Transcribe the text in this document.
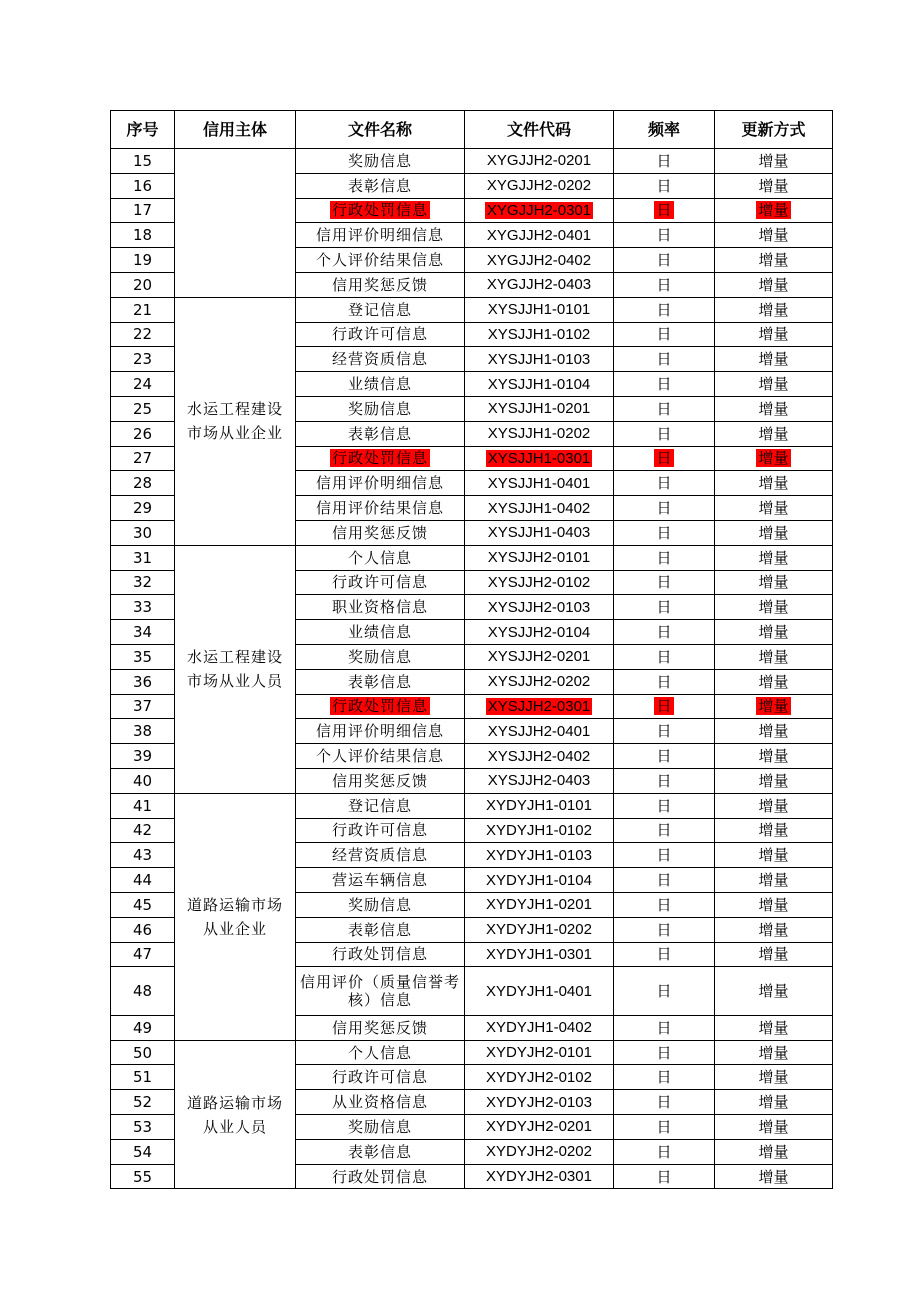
序号	信用主体	文件名称	文件代码	频率	更新方式
15		奖励信息	XYGJJH2-0201	日	增量
16		表彰信息	XYGJJH2-0202	日	增量
17		行政处罚信息	XYGJJH2-0301	日	增量
18		信用评价明细信息	XYGJJH2-0401	日	增量
19		个人评价结果信息	XYGJJH2-0402	日	增量
20		信用奖惩反馈	XYGJJH2-0403	日	增量
21	水运工程建设市场从业企业	登记信息	XYSJJH1-0101	日	增量
22		行政许可信息	XYSJJH1-0102	日	增量
23		经营资质信息	XYSJJH1-0103	日	增量
24		业绩信息	XYSJJH1-0104	日	增量
25		奖励信息	XYSJJH1-0201	日	增量
26		表彰信息	XYSJJH1-0202	日	增量
27		行政处罚信息	XYSJJH1-0301	日	增量
28		信用评价明细信息	XYSJJH1-0401	日	增量
29		信用评价结果信息	XYSJJH1-0402	日	增量
30		信用奖惩反馈	XYSJJH1-0403	日	增量
31	水运工程建设市场从业人员	个人信息	XYSJJH2-0101	日	增量
32		行政许可信息	XYSJJH2-0102	日	增量
33		职业资格信息	XYSJJH2-0103	日	增量
34		业绩信息	XYSJJH2-0104	日	增量
35		奖励信息	XYSJJH2-0201	日	增量
36		表彰信息	XYSJJH2-0202	日	增量
37		行政处罚信息	XYSJJH2-0301	日	增量
38		信用评价明细信息	XYSJJH2-0401	日	增量
39		个人评价结果信息	XYSJJH2-0402	日	增量
40		信用奖惩反馈	XYSJJH2-0403	日	增量
41	道路运输市场从业企业	登记信息	XYDYJH1-0101	日	增量
42		行政许可信息	XYDYJH1-0102	日	增量
43		经营资质信息	XYDYJH1-0103	日	增量
44		营运车辆信息	XYDYJH1-0104	日	增量
45		奖励信息	XYDYJH1-0201	日	增量
46		表彰信息	XYDYJH1-0202	日	增量
47		行政处罚信息	XYDYJH1-0301	日	增量
48		信用评价（质量信誉考核）信息	XYDYJH1-0401	日	增量
49		信用奖惩反馈	XYDYJH1-0402	日	增量
50	道路运输市场从业人员	个人信息	XYDYJH2-0101	日	增量
51		行政许可信息	XYDYJH2-0102	日	增量
52		从业资格信息	XYDYJH2-0103	日	增量
53		奖励信息	XYDYJH2-0201	日	增量
54		表彰信息	XYDYJH2-0202	日	增量
55		行政处罚信息	XYDYJH2-0301	日	增量
